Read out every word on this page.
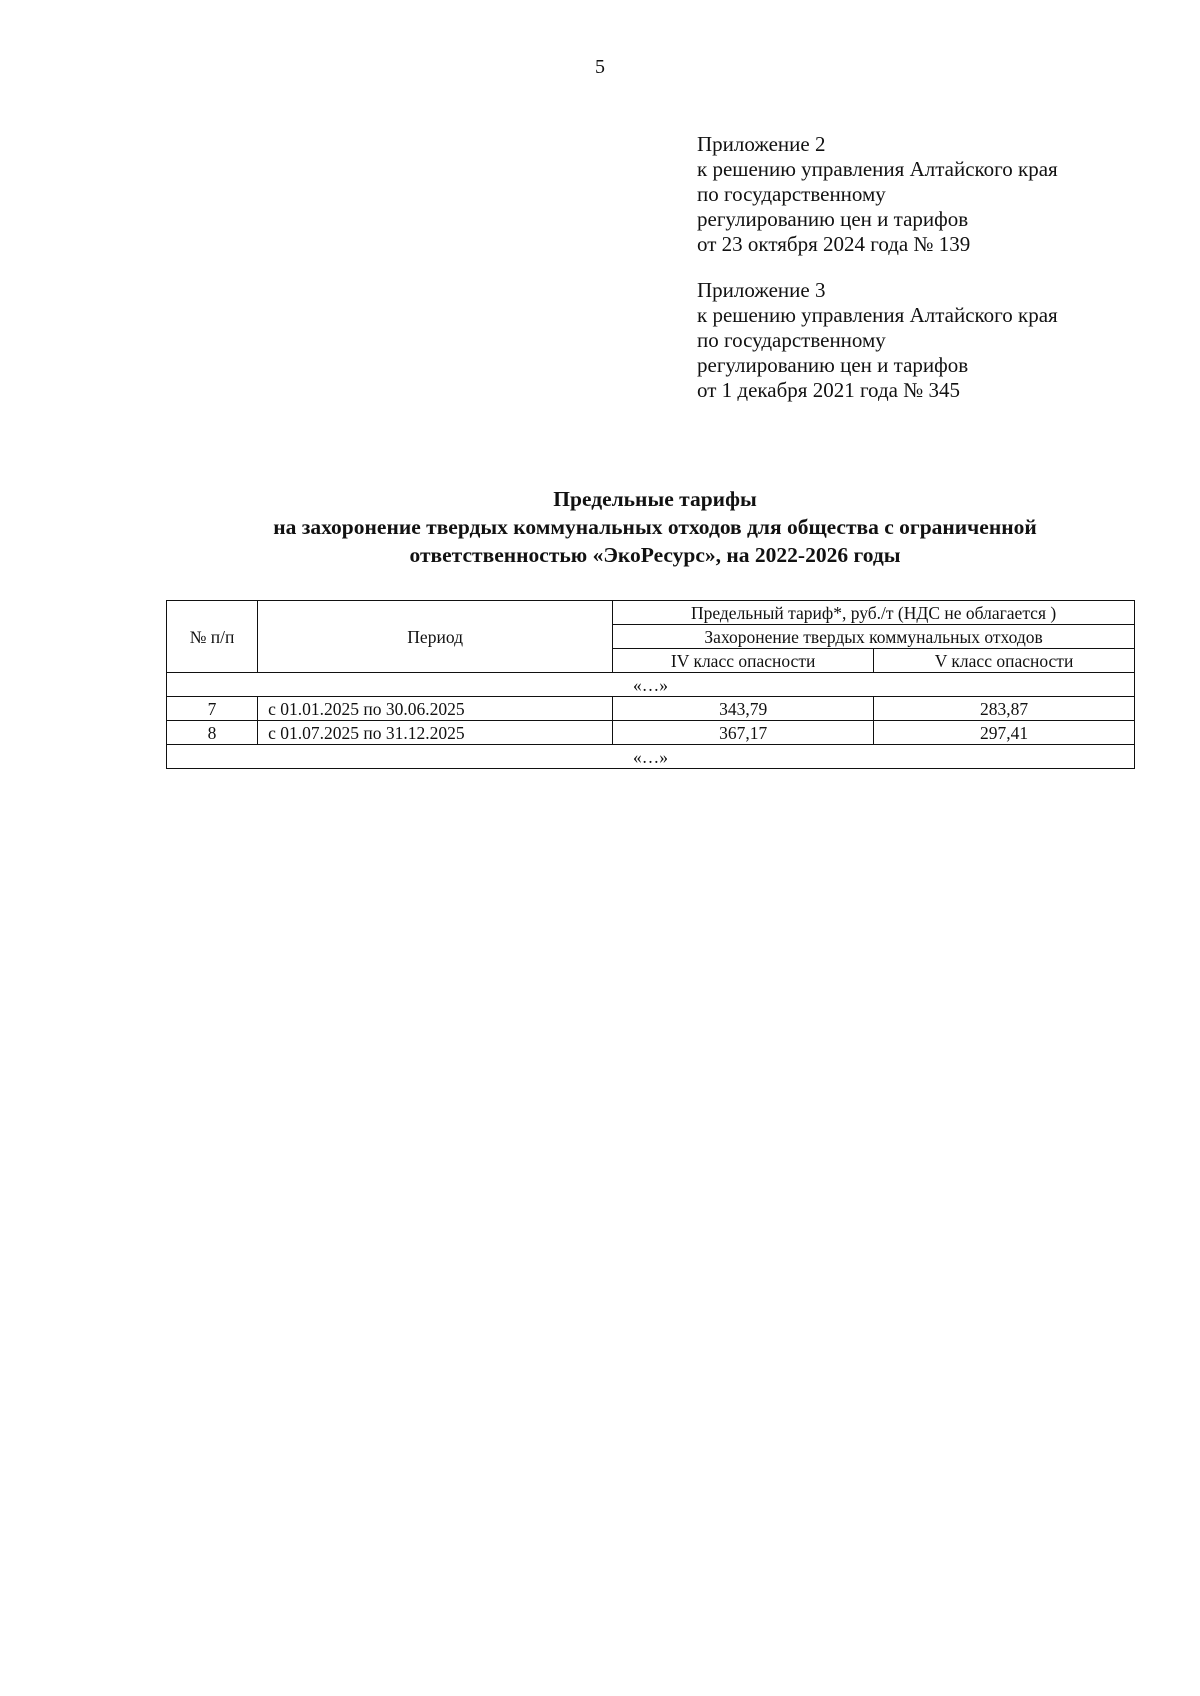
5
Приложение 2
к решению управления Алтайского края
по государственному
регулированию цен и тарифов
от 23 октября 2024 года № 139
Приложение 3
к решению управления Алтайского края
по государственному
регулированию цен и тарифов
от 1 декабря 2021 года № 345
Предельные тарифы
на захоронение твердых коммунальных отходов для общества с ограниченной
ответственностью «ЭкоРесурс», на 2022-2026 годы
№ п/п	Период	Предельный тариф*, руб./т (НДС не облагается )	
		Захоронение твердых коммунальных отходов	
		IV класс опасности	V класс опасности
«…»			
7	с 01.01.2025 по 30.06.2025	343,79	283,87
8	с 01.07.2025 по 31.12.2025	367,17	297,41
«…»			
